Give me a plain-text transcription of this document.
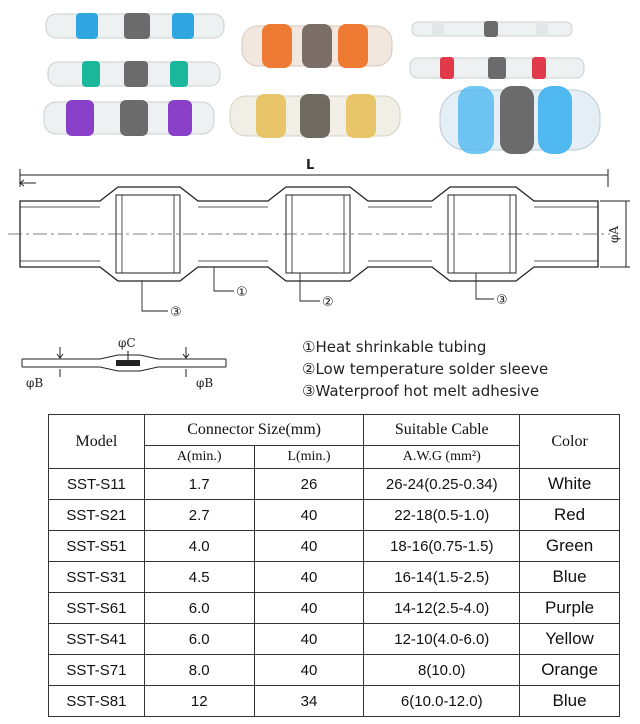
L
φA
③
①
②	③
φC
φB	φB
①Heat shrinkable tubing
②Low temperature solder sleeve
③Waterproof hot melt adhesive
Model	Connector Size(mm)		Suitable Cable	Color
	A(min.)	L(min.)	A.W.G (mm²)	
SST-S11	1.7	26	26-24(0.25-0.34)	White
SST-S21	2.7	40	22-18(0.5-1.0)	Red
SST-S51	4.0	40	18-16(0.75-1.5)	Green
SST-S31	4.5	40	16-14(1.5-2.5)	Blue
SST-S61	6.0	40	14-12(2.5-4.0)	Purple
SST-S41	6.0	40	12-10(4.0-6.0)	Yellow
SST-S71	8.0	40	8(10.0)	Orange
SST-S81	12	34	6(10.0-12.0)	Blue
